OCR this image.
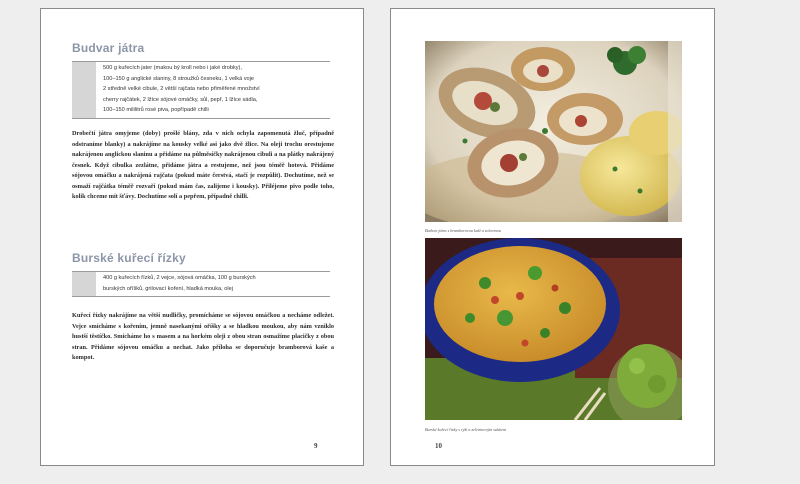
Budvar játra
500 g kuřecích jater (makou bý kroll nebo i jaké drobky),
100–150 g anglické slaniny, 8 stroužků česneku, 1 velká voje
2 středně velké cibule, 2 větší rajčata nebo přiměřené množství
cherry rajčátek, 2 lžíce sójové omáčky, sůl, pepř, 1 lžíce sádla,
100–150 mililitrů rosé piva, popřípadě chilli
Drobečtí játra omyjeme (doby) prošlé blány, zda v nich ochyla zapomenutá žluč, případně odstraníme blanky) a nakrájíme na kousky velké asi jako dvě žlice. Na oleji trochu orestujeme nakrájenou anglickou slaninu a přidáme na půlměsíčky nakrájenou cibuli a na plátky nakrájený česnek. Když cibulka zezlátne, přidáme játra a restujeme, než jsou téměř hotová. Přidáme sójovou omáčku a nakrájená rajčata (pokud máte čerstvá, stačí je rozpůlit). Dochutíme, než se osmaží rajčátka téměř rozvaří (pokud mám čas, zalijeme i kousky). Přiléjeme pivo podle toho, kolik chceme mít šťávy. Dochutíme solí a pepřem, případně chilli.
Burské kuřecí řízky
400 g kuřecích řízků, 2 vejce, sójová omáčka, 100 g burských
burských oříšků, grilovací koření, hladká mouka, olej
Kuřecí řízky nakrájíme na větší nudličky, promícháme se sójovou omáčkou a necháme odležet. Vejce smícháme s kořením, jemně nasekanými oříšky a se hladkou moukou, aby nám vzniklo hustší těstíčko. Smícháme ho s masem a na horkém oleji z obou stran osmažíme placičky z obou stran. Přidáme sójovou omáčku a nechat. Jako příloha se doporučuje bramborová kaše a kompot.
9
Budvar játra s bramborovou kaší a zeleninou
Burské kuřecí řízky s rýží a zeleninovým salátem
10
